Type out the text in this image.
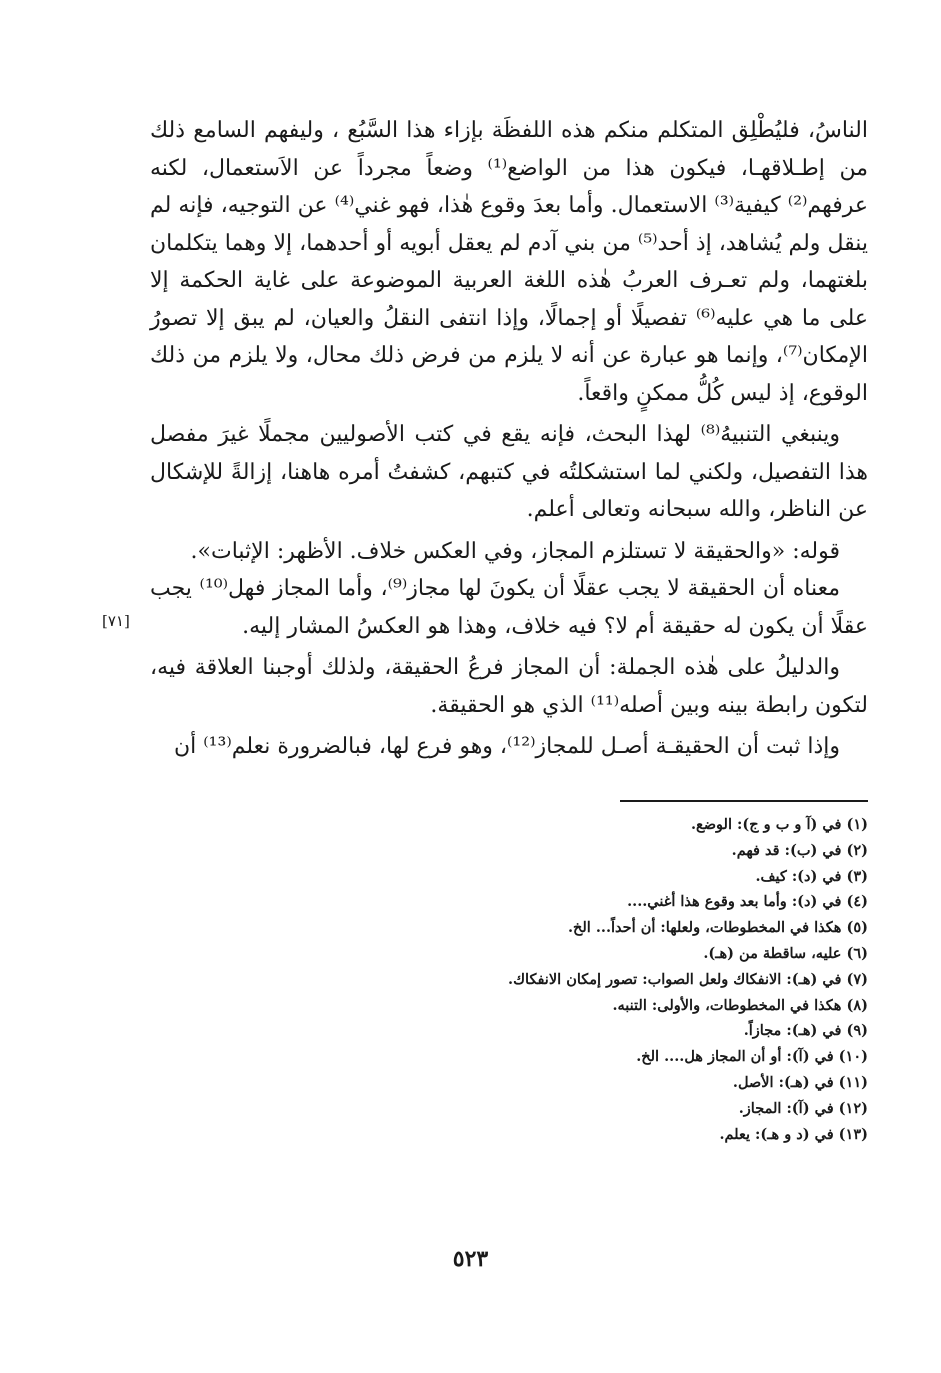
الناسُ، فليُطْلِق المتكلم منكم هذه اللفظَة بإزاء هذا السَّبُع ، وليفهم السامع ذلك من إطـلاقهـا، فيكون هذا من الواضع⁽¹⁾ وضعاً مجرداً عن الاَستعمال، لكنه عرفهم⁽²⁾ كيفية⁽³⁾ الاستعمال. وأما بعدَ وقوع هٰذا، فهو غني⁽⁴⁾ عن التوجيه، فإنه لم ينقل ولم يُشاهد، إذ أحد⁽⁵⁾ من بني آدم لم يعقل أبويه أو أحدهما، إلا وهما يتكلمان بلغتهما، ولم تعـرف العربُ هٰذه اللغة العربية الموضوعة على غاية الحكمة إلا على ما هي عليه⁽⁶⁾ تفصيلًا أو إجمالًا، وإذا انتفى النقلُ والعيان، لم يبق إلا تصورُ الإمكان⁽⁷⁾، وإنما هو عبارة عن أنه لا يلزم من فرض ذلك محال، ولا يلزم من ذلك الوقوع، إذ ليس كُلُّ ممكنٍ واقعاً.

وينبغي التنبيهُ⁽⁸⁾ لهذا البحث، فإنه يقع في كتب الأصوليين مجملًا غيرَ مفصل هذا التفصيل، ولكني لما استشكلتُه في كتبهم، كشفتُ أمره هاهنا، إزالةً للإشكال عن الناظر، والله سبحانه وتعالى أعلم.

قوله: «والحقيقة لا تستلزم المجاز، وفي العكس خلاف. الأظهر: الإثبات».

معناه أن الحقيقة لا يجب عقلًا أن يكونَ لها مجاز⁽⁹⁾، وأما المجاز فهل⁽¹⁰⁾ يجب عقلًا أن يكون له حقيقة أم لا؟ فيه خلاف، وهذا هو العكسُ المشار إليه.

والدليلُ على هٰذه الجملة: أن المجاز فرعُ الحقيقة، ولذلك أوجبنا العلاقة فيه، لتكون رابطة بينه وبين أصله⁽¹¹⁾ الذي هو الحقيقة.

وإذا ثبت أن الحقيقـة أصـل للمجاز⁽¹²⁾، وهو فرع لها، فبالضرورة نعلم⁽¹³⁾ أن

[٧١]
(١) في (آ و ب و ج): الوضع.
(٢) في (ب): قد فهم.
(٣) في (د): كيف.
(٤) في (د): وأما بعد وقوع هذا أغني....
(٥) هكذا في المخطوطات، ولعلها: أن أحداً... الخ.
(٦) عليه، ساقطة من (هـ).
(٧) في (هـ): الانفكاك ولعل الصواب: تصور إمكان الانفكاك.
(٨) هكذا في المخطوطات، والأولى: التنبه.
(٩) في (هـ): مجازاً.
(١٠) في (آ): أو أن المجاز هل.... الخ.
(١١) في (هـ): الأصل.
(١٢) في (آ): المجاز.
(١٣) في (د و هـ): يعلم.
٥٢٣
